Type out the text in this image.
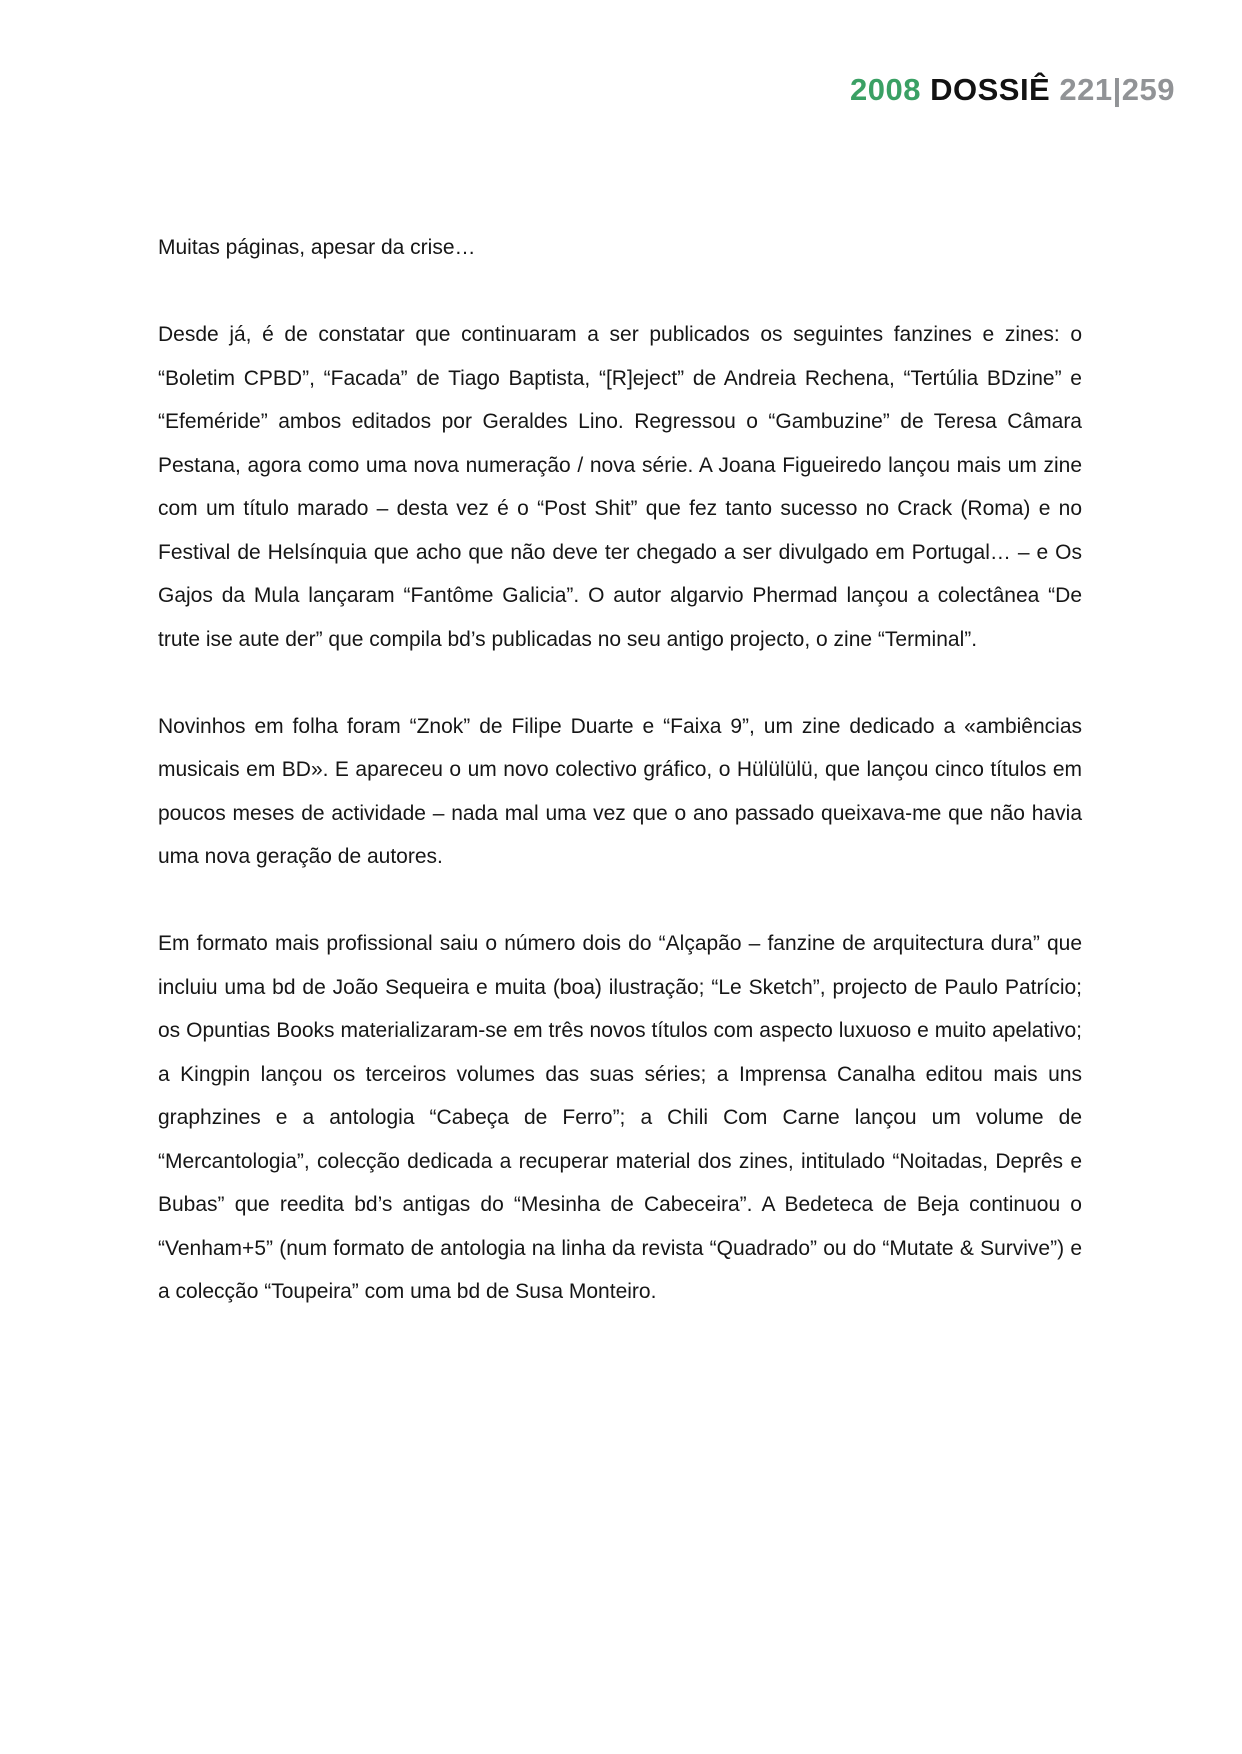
2008 DOSSIÊ 221|259

Muitas páginas, apesar da crise…

Desde já, é de constatar que continuaram a ser publicados os seguintes fanzines e zines: o “Boletim CPBD”, “Facada” de Tiago Baptista, “[R]eject” de Andreia Rechena, “Tertúlia BDzine” e “Efeméride” ambos editados por Geraldes Lino. Regressou o “Gambuzine” de Teresa Câmara Pestana, agora como uma nova numeração / nova série. A Joana Figueiredo lançou mais um zine com um título marado – desta vez é o “Post Shit” que fez tanto sucesso no Crack (Roma) e no Festival de Helsínquia que acho que não deve ter chegado a ser divulgado em Portugal… – e Os Gajos da Mula lançaram “Fantôme Galicia”. O autor algarvio Phermad lançou a colectânea “De trute ise aute der” que compila bd’s publicadas no seu antigo projecto, o zine “Terminal”.

Novinhos em folha foram “Znok” de Filipe Duarte e “Faixa 9”, um zine dedicado a «ambiências musicais em BD». E apareceu o um novo colectivo gráfico, o Hülülülü, que lançou cinco títulos em poucos meses de actividade – nada mal uma vez que o ano passado queixava-me que não havia uma nova geração de autores.

Em formato mais profissional saiu o número dois do “Alçapão – fanzine de arquitectura dura” que incluiu uma bd de João Sequeira e muita (boa) ilustração; “Le Sketch”, projecto de Paulo Patrício; os Opuntias Books materializaram-se em três novos títulos com aspecto luxuoso e muito apelativo; a Kingpin lançou os terceiros volumes das suas séries; a Imprensa Canalha editou mais uns graphzines e a antologia “Cabeça de Ferro”; a Chili Com Carne lançou um volume de “Mercantologia”, colecção dedicada a recuperar material dos zines, intitulado “Noitadas, Deprês e Bubas” que reedita bd’s antigas do “Mesinha de Cabeceira”. A Bedeteca de Beja continuou o “Venham+5” (num formato de antologia na linha da revista “Quadrado” ou do “Mutate & Survive”) e a colecção “Toupeira” com uma bd de Susa Monteiro.
